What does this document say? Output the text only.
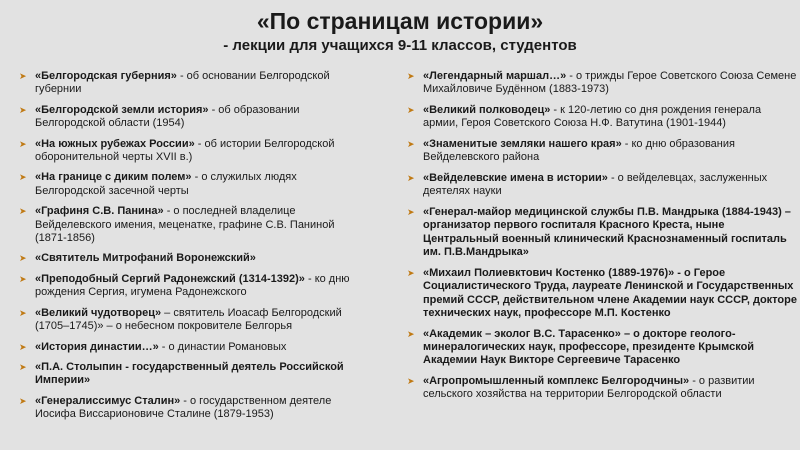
«По страницам истории»
- лекции для учащихся 9-11 классов, студентов
➤ «Белгородская губерния» - об основании Белгородской губернии
➤ «Белгородской земли история» - об образовании Белгородской области (1954)
➤ «На южных рубежах России» - об истории Белгородской оборонительной черты XVII в.)
➤ «На границе с диким полем» - о служилых людях Белгородской засечной черты
➤ «Графиня С.В. Панина» - о последней владелице Вейделевского имения, меценатке, графине С.В. Паниной (1871-1856)
➤ «Святитель Митрофаний Воронежский»
➤ «Преподобный Сергий Радонежский (1314-1392)» - ко дню рождения Сергия, игумена Радонежского
➤ «Великий чудотворец» – святитель Иоасаф Белгородский (1705–1745)» – о небесном покровителе Белгорья
➤ «История династии…» - о династии Романовых
➤ «П.А. Столыпин - государственный деятель Российской Империи»
➤ «Генералиссимус Сталин» - о государственном деятеле Иосифа Виссарионовиче Сталине (1879-1953)
➤ «Легендарный маршал…» - о трижды Герое Советского Союза Семене Михайловиче Будённом (1883-1973)
➤ «Великий полководец» - к 120-летию со дня рождения генерала армии, Героя Советского Союза Н.Ф. Ватутина (1901-1944)
➤ «Знаменитые земляки нашего края» - ко дню образования Вейделевского района
➤ «Вейделевские имена в истории» - о вейделевцах, заслуженных деятелях науки
➤ «Генерал-майор медицинской службы П.В. Мандрыка (1884-1943) – организатор первого госпиталя Красного Креста, ныне Центральный военный клинический Краснознаменный госпиталь им. П.В.Мандрыка»
➤ «Михаил Полиевктович Костенко (1889-1976)» - о Герое Социалистического Труда, лауреате Ленинской и Государственных премий СССР, действительном члене Академии наук СССР, докторе технических наук, профессоре М.П. Костенко
➤ «Академик – эколог В.С. Тарасенко» – о докторе геолого-минералогических наук, профессоре, президенте Крымской Академии Наук Викторе Сергеевиче Тарасенко
➤ «Агропромышленный комплекс Белгородчины» - о развитии сельского хозяйства на территории Белгородской области
